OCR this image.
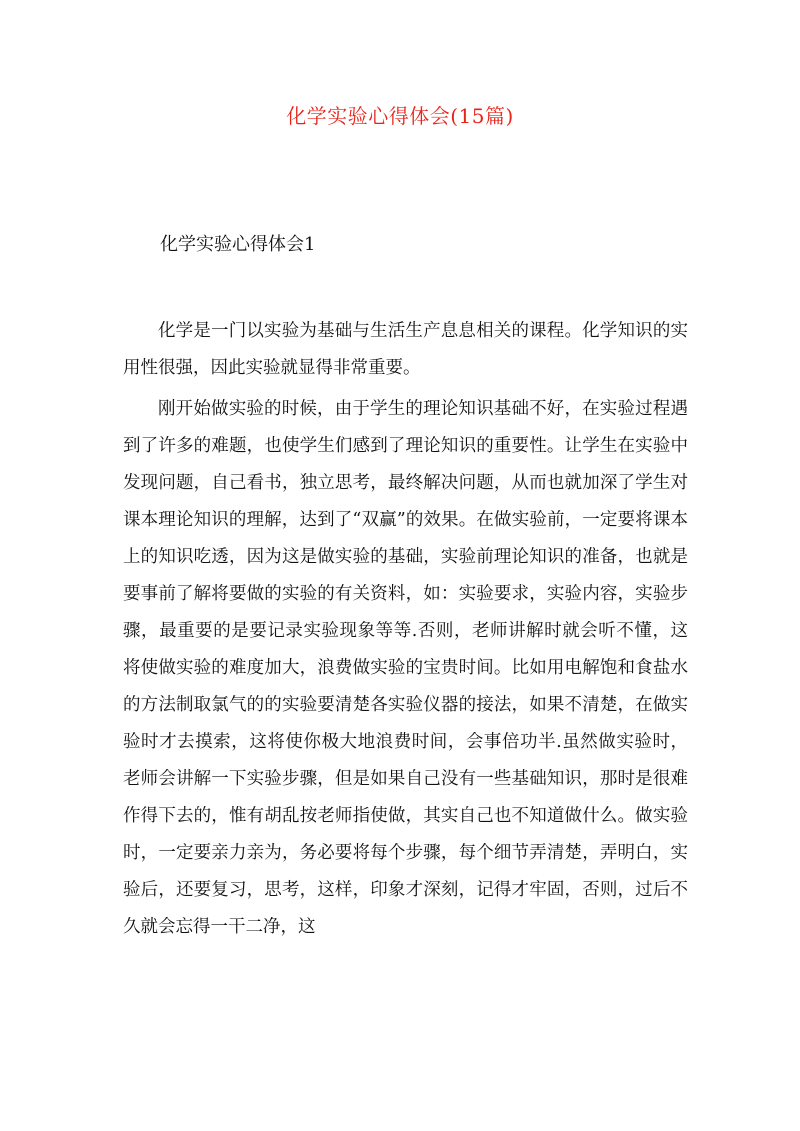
化学实验心得体会(15篇)
化学实验心得体会1

化学是一门以实验为基础与生活生产息息相关的课程。化学知识的实用性很强，因此实验就显得非常重要。

刚开始做实验的时候，由于学生的理论知识基础不好，在实验过程遇到了许多的难题，也使学生们感到了理论知识的重要性。让学生在实验中发现问题，自己看书，独立思考，最终解决问题，从而也就加深了学生对课本理论知识的理解，达到了“双赢”的效果。在做实验前，一定要将课本上的知识吃透，因为这是做实验的基础，实验前理论知识的准备，也就是要事前了解将要做的实验的有关资料，如：实验要求，实验内容，实验步骤，最重要的是要记录实验现象等等.否则，老师讲解时就会听不懂，这将使做实验的难度加大，浪费做实验的宝贵时间。比如用电解饱和食盐水的方法制取氯气的的实验要清楚各实验仪器的接法，如果不清楚，在做实验时才去摸索，这将使你极大地浪费时间，会事倍功半.虽然做实验时，老师会讲解一下实验步骤，但是如果自己没有一些基础知识，那时是很难作得下去的，惟有胡乱按老师指使做，其实自己也不知道做什么。做实验时，一定要亲力亲为，务必要将每个步骤，每个细节弄清楚，弄明白，实验后，还要复习，思考，这样，印象才深刻，记得才牢固，否则，过后不久就会忘得一干二净，这
